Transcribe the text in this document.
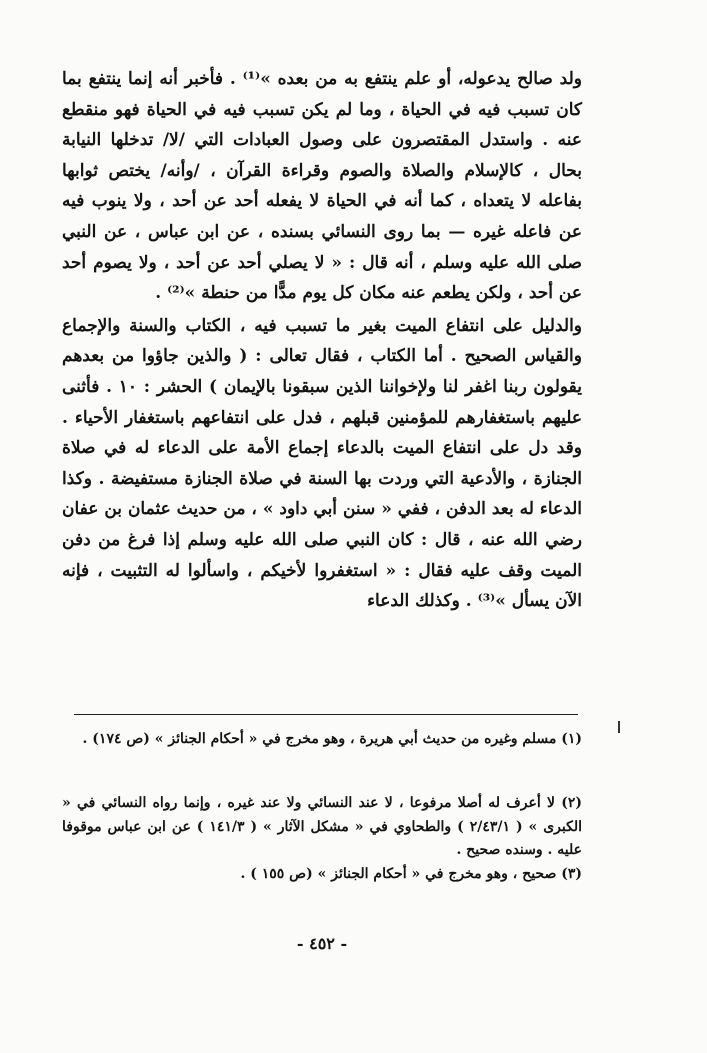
ولد صالح يدعوله، أو علم ينتفع به من بعده »⁽¹⁾ . فأخبر أنه إنما ينتفع بما كان تسبب فيه في الحياة ، وما لم يكن تسبب فيه في الحياة فهو منقطع عنه . واستدل المقتصرون على وصول العبادات التي /لا/ تدخلها النيابة بحال ، كالإسلام والصلاة والصوم وقراءة القرآن ، /وأنه/ يختص ثوابها بفاعله لا يتعداه ، كما أنه في الحياة لا يفعله أحد عن أحد ، ولا ينوب فيه عن فاعله غيره — بما روى النسائي بسنده ، عن ابن عباس ، عن النبي صلى الله عليه وسلم ، أنه قال : « لا يصلي أحد عن أحد ، ولا يصوم أحد عن أحد ، ولكن يطعم عنه مكان كل يوم مدًّا من حنطة »⁽²⁾ .

والدليل على انتفاع الميت بغير ما تسبب فيه ، الكتاب والسنة والإجماع والقياس الصحيح . أما الكتاب ، فقال تعالى : ( والذين جاؤوا من بعدهم يقولون ربنا اغفر لنا ولإخواننا الذين سبقونا بالإيمان ) الحشر : ١٠ . فأثنى عليهم باستغفارهم للمؤمنين قبلهم ، فدل على انتفاعهم باستغفار الأحياء . وقد دل على انتفاع الميت بالدعاء إجماع الأمة على الدعاء له في صلاة الجنازة ، والأدعية التي وردت بها السنة في صلاة الجنازة مستفيضة . وكذا الدعاء له بعد الدفن ، ففي « سنن أبي داود » ، من حديث عثمان بن عفان رضي الله عنه ، قال : كان النبي صلى الله عليه وسلم إذا فرغ من دفن الميت وقف عليه فقال : « استغفروا لأخيكم ، واسألوا له التثبيت ، فإنه الآن يسأل »⁽³⁾ . وكذلك الدعاء

(١) مسلم وغيره من حديث أبي هريرة ، وهو مخرج في « أحكام الجنائز » (ص ١٧٤) .

(٢) لا أعرف له أصلا مرفوعا ، لا عند النسائي ولا عند غيره ، وإنما رواه النسائي في « الكبرى » ( ٢/٤٣/١ ) والطحاوي في « مشكل الآثار » ( ١٤١/٣ ) عن ابن عباس موقوفا عليه . وسنده صحيح .

(٣) صحيح ، وهو مخرج في « أحكام الجنائز » (ص ١٥٥ ) .

- ٤٥٢ -
